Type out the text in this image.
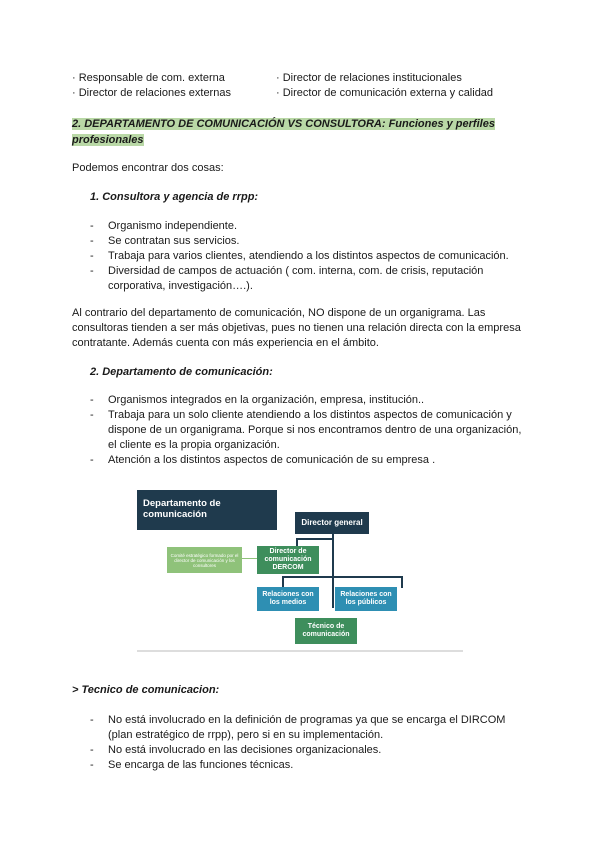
· Responsable de com. externa
· Director de relaciones externas
· Director de relaciones institucionales
· Director de comunicación externa y calidad
2. DEPARTAMENTO DE COMUNICACIÓN VS CONSULTORA: Funciones y perfiles profesionales
Podemos encontrar dos cosas:
1. Consultora y agencia de rrpp:
- Organismo independiente.
- Se contratan sus servicios.
- Trabaja para varios clientes, atendiendo a los distintos aspectos de comunicación.
- Diversidad de campos de actuación ( com. interna, com. de crisis, reputación corporativa, investigación….).
Al contrario del departamento de comunicación, NO dispone de un organigrama. Las consultoras tienden a ser más objetivas, pues no tienen una relación directa con la empresa contratante. Además cuenta con más experiencia en el ámbito.
2. Departamento de comunicación:
- Organismos integrados en la organización, empresa, institución..
- Trabaja para un solo cliente atendiendo a los distintos aspectos de comunicación y dispone de un organigrama. Porque si nos encontramos dentro de una organización, el cliente es la propia organización.
- Atención a los distintos aspectos de comunicación de su empresa .
Departamento de comunicación
Director general
Director de comunicación DERCOM
Comité estratégico formado por el director de comunicación y los consultores
Relaciones con los medios
Relaciones con los públicos
Técnico de comunicación
> Tecnico de comunicacion:
- No está involucrado en la definición de programas ya que se encarga el DIRCOM (plan estratégico de rrpp), pero si en su implementación.
- No está involucrado en las decisiones organizacionales.
- Se encarga de las funciones técnicas.
